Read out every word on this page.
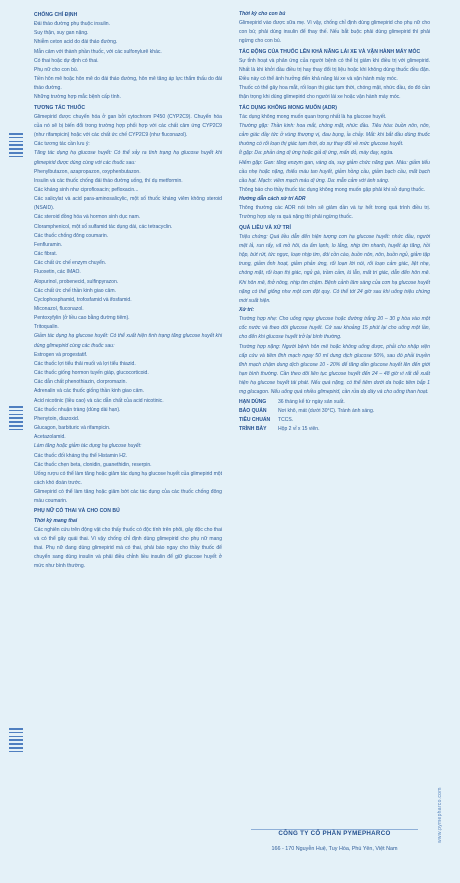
CHỐNG CHỈ ĐỊNH

Đái tháo đường phụ thuộc insulin.

Suy thận, suy gan nặng.

Nhiễm ceton acid do đái tháo đường.

Mẫn cảm với thành phần thuốc, với các sulfonylurê khác.

Có thai hoặc dự định có thai.

Phụ nữ cho con bú.

Tiền hôn mê hoặc hôn mê do đái tháo đường, hôn mê tăng áp lực thẩm thấu do đái tháo đường.

Những trường hợp mắc bệnh cấp tính.

TƯƠNG TÁC THUỐC

Glimepirid được chuyển hóa ở gan bởi cytochrom P450 (CYP2C9). Chuyển hóa của nó sẽ bị biến đổi trong trường hợp phối hợp với các chất cảm ứng CYP2C9 (như rifampicin) hoặc với các chất ức chế CYP2C9 (như fluconazol).

Các tương tác cần lưu ý:

Tăng tác dụng hạ glucose huyết: Có thể xảy ra tình trạng hạ glucose huyết khi glimepirid được dùng cùng với các thuốc sau:

Phenylbutazon, azapropazon, oxyphenbutazon.

Insulin và các thuốc chống đái tháo đường uống, thí dụ metformin.

Các kháng sinh như ciprofloxacin; pefloxacin...

Các salicylat và acid para-aminosalicylic, một số thuốc kháng viêm không steroid (NSAID).

Các steroid đồng hóa và hormon sinh dục nam.

Cloramphenicol, một số sulfamid tác dụng dài, các tetracyclin.

Các thuốc chống đông coumarin.

Fenfluramin.

Các fibrat.

Các chất ức chế enzym chuyển.

Fluoxetin, các IMAO.

Alopurinol, probenecid, sulfinpyrazon.

Các chất ức chế thần kinh giao cảm.

Cyclophosphamid, trofosfamid và ifosfamid.

Miconazol, fluconazol.

Pentoxyfylin (ở liều cao bằng đường tiêm).

Tritoqualin.

Giảm tác dụng hạ glucose huyết: Có thể xuất hiện tình trạng tăng glucose huyết khi dùng glimepirid cùng các thuốc sau:

Estrogen và progestatif.

Các thuốc lợi tiểu thải muối và lợi tiểu thiazid.

Các thuốc giống hormon tuyến giáp, glucocorticoid.

Các dẫn chất phenothiazin, clorpromazin.

Adrenalin và các thuốc giống thần kinh giao cảm.

Acid nicotinic (liều cao) và các dẫn chất của acid nicotinic.

Các thuốc nhuận tràng (dùng dài hạn).

Phenytoin, diazoxid.

Glucagon, barbituric và rifampicin.

Acetazolamid.

Làm tăng hoặc giảm tác dụng hạ glucose huyết:

Các thuốc đối kháng thụ thể Histamin H2.

Các thuốc chẹn beta, clonidin, guanethidin, reserpin.

Uống rượu có thể làm tăng hoặc giảm tác dụng hạ glucose huyết của glimepirid một cách khó đoán trước.

Glimepirid có thể làm tăng hoặc giảm bớt các tác dụng của các thuốc chống đông máu coumarin.

PHỤ NỮ CÓ THAI VÀ CHO CON BÚ

Thời kỳ mang thai

Các nghiên cứu trên động vật cho thấy thuốc có độc tính trên phôi, gây độc cho thai và có thể gây quái thai. Vì vậy chống chỉ định dùng glimepirid cho phụ nữ mang thai. Phụ nữ đang dùng glimepirid mà có thai, phải báo ngay cho thầy thuốc để chuyển sang dùng insulin và phải điều chỉnh liều insulin để giữ glucose huyết ở mức như bình thường.

Thời kỳ cho con bú

Glimepirid vào được sữa mẹ. Vì vậy, chống chỉ định dùng glimepirid cho phụ nữ cho con bú; phải dùng insulin để thay thế. Nếu bắt buộc phải dùng glimepirid thì phải ngừng cho con bú.

TÁC ĐỘNG CỦA THUỐC LÊN KHẢ NĂNG LÁI XE VÀ VẬN HÀNH MÁY MÓC

Sự tỉnh hoạt và phản ứng của người bệnh có thể bị giảm khi điều trị với glimepirid. Nhất là khi khởi đầu điều trị hay thay đổi trị liệu hoặc khi không dùng thuốc đều đặn. Điều này có thể ảnh hưởng đến khả năng lái xe và vận hành máy móc.

Thuốc có thể gây hoa mắt, rối loạn thị giác tạm thời, chóng mặt, nhức đầu, do đó cần thận trọng khi dùng glimepirid cho người lái xe hoặc vận hành máy móc.

TÁC DỤNG KHÔNG MONG MUỐN (ADR)

Tác dụng không mong muốn quan trọng nhất là hạ glucose huyết.

Thường gặp: Thần kinh: hoa mắt, chóng mặt, nhức đầu. Tiêu hóa: buồn nôn, nôn, cảm giác đầy tức ở vùng thượng vị, đau bụng, ỉa chảy. Mắt: khi bắt đầu dùng thuốc thường có rối loạn thị giác tạm thời, do sự thay đổi về mức glucose huyết.

Ít gặp: Da: phản ứng dị ứng hoặc giả dị ứng, mẩn đỏ, mày đay, ngứa.

Hiếm gặp: Gan: tăng enzym gan, vàng da, suy giảm chức năng gan. Máu: giảm tiểu cầu nhẹ hoặc nặng, thiếu máu tan huyết, giảm hồng cầu, giảm bạch cầu, mất bạch cầu hạt. Mạch: viêm mạch máu dị ứng. Da: mẫn cảm với ánh sáng.

Thông báo cho thầy thuốc tác dụng không mong muốn gặp phải khi sử dụng thuốc.

Hướng dẫn cách xử trí ADR

Thông thường các ADR nói trên sẽ giảm dần và tự hết trong quá trình điều trị. Trường hợp xảy ra quá nặng thì phải ngừng thuốc.

QUÁ LIỀU VÀ XỬ TRÍ

Triệu chứng: Quá liều dẫn đến hiện tượng cơn hạ glucose huyết: nhức đầu, người mệt lả, run rẩy, vã mồ hôi, da ẩm lạnh, lo lắng, nhịp tim nhanh, huyết áp tăng, hồi hộp, bứt rứt, tức ngực, loạn nhịp tim, đói cồn cào, buồn nôn, nôn, buồn ngủ, giảm tập trung, giảm tỉnh hoạt, giảm phản ứng, rối loạn lời nói, rối loạn cảm giác, liệt nhẹ, chóng mặt, rối loạn thị giác, ngủ gà, trầm cảm, lú lẫn, mất tri giác, dẫn đến hôn mê. Khi hôn mê, thở nông, nhịp tim chậm. Bệnh cảnh lâm sàng của cơn hạ glucose huyết nặng có thể giống như một cơn đột quỵ. Có thể tới 24 giờ sau khi uống triệu chứng mới xuất hiện.

Xử trí:

Trường hợp nhẹ: Cho uống ngay glucose hoặc đường trắng 20 – 30 g hòa vào một cốc nước và theo dõi glucose huyết. Cứ sau khoảng 15 phút lại cho uống một lần, cho đến khi glucose huyết trở lại bình thường.

Trường hợp nặng: Người bệnh hôn mê hoặc không uống được, phải cho nhập viện cấp cứu và tiêm tĩnh mạch ngay 50 ml dung dịch glucose 50%, sau đó phải truyền tĩnh mạch chậm dung dịch glucose 10 - 20% để tăng dần glucose huyết lên đến giới hạn bình thường. Cần theo dõi liên tục glucose huyết đến 24 – 48 giờ vì rất dễ xuất hiện hạ glucose huyết tái phát. Nếu quá nặng, có thể tiêm dưới da hoặc tiêm bắp 1 mg glucagon. Nếu uống quá nhiều glimepirid, cần rửa dạ dày và cho uống than hoạt.

HẠN DÙNG	36 tháng kể từ ngày sản xuất.
BẢO QUẢN	Nơi khô, mát (dưới 30°C). Tránh ánh sáng.
TIÊU CHUẨN	TCCS.
TRÌNH BÀY	Hộp 2 vỉ x 15 viên.
www.pymepharco.com
CÔNG TY CỔ PHẦN PYMEPHARCO
166 - 170 Nguyễn Huệ, Tuy Hòa, Phú Yên, Việt Nam
